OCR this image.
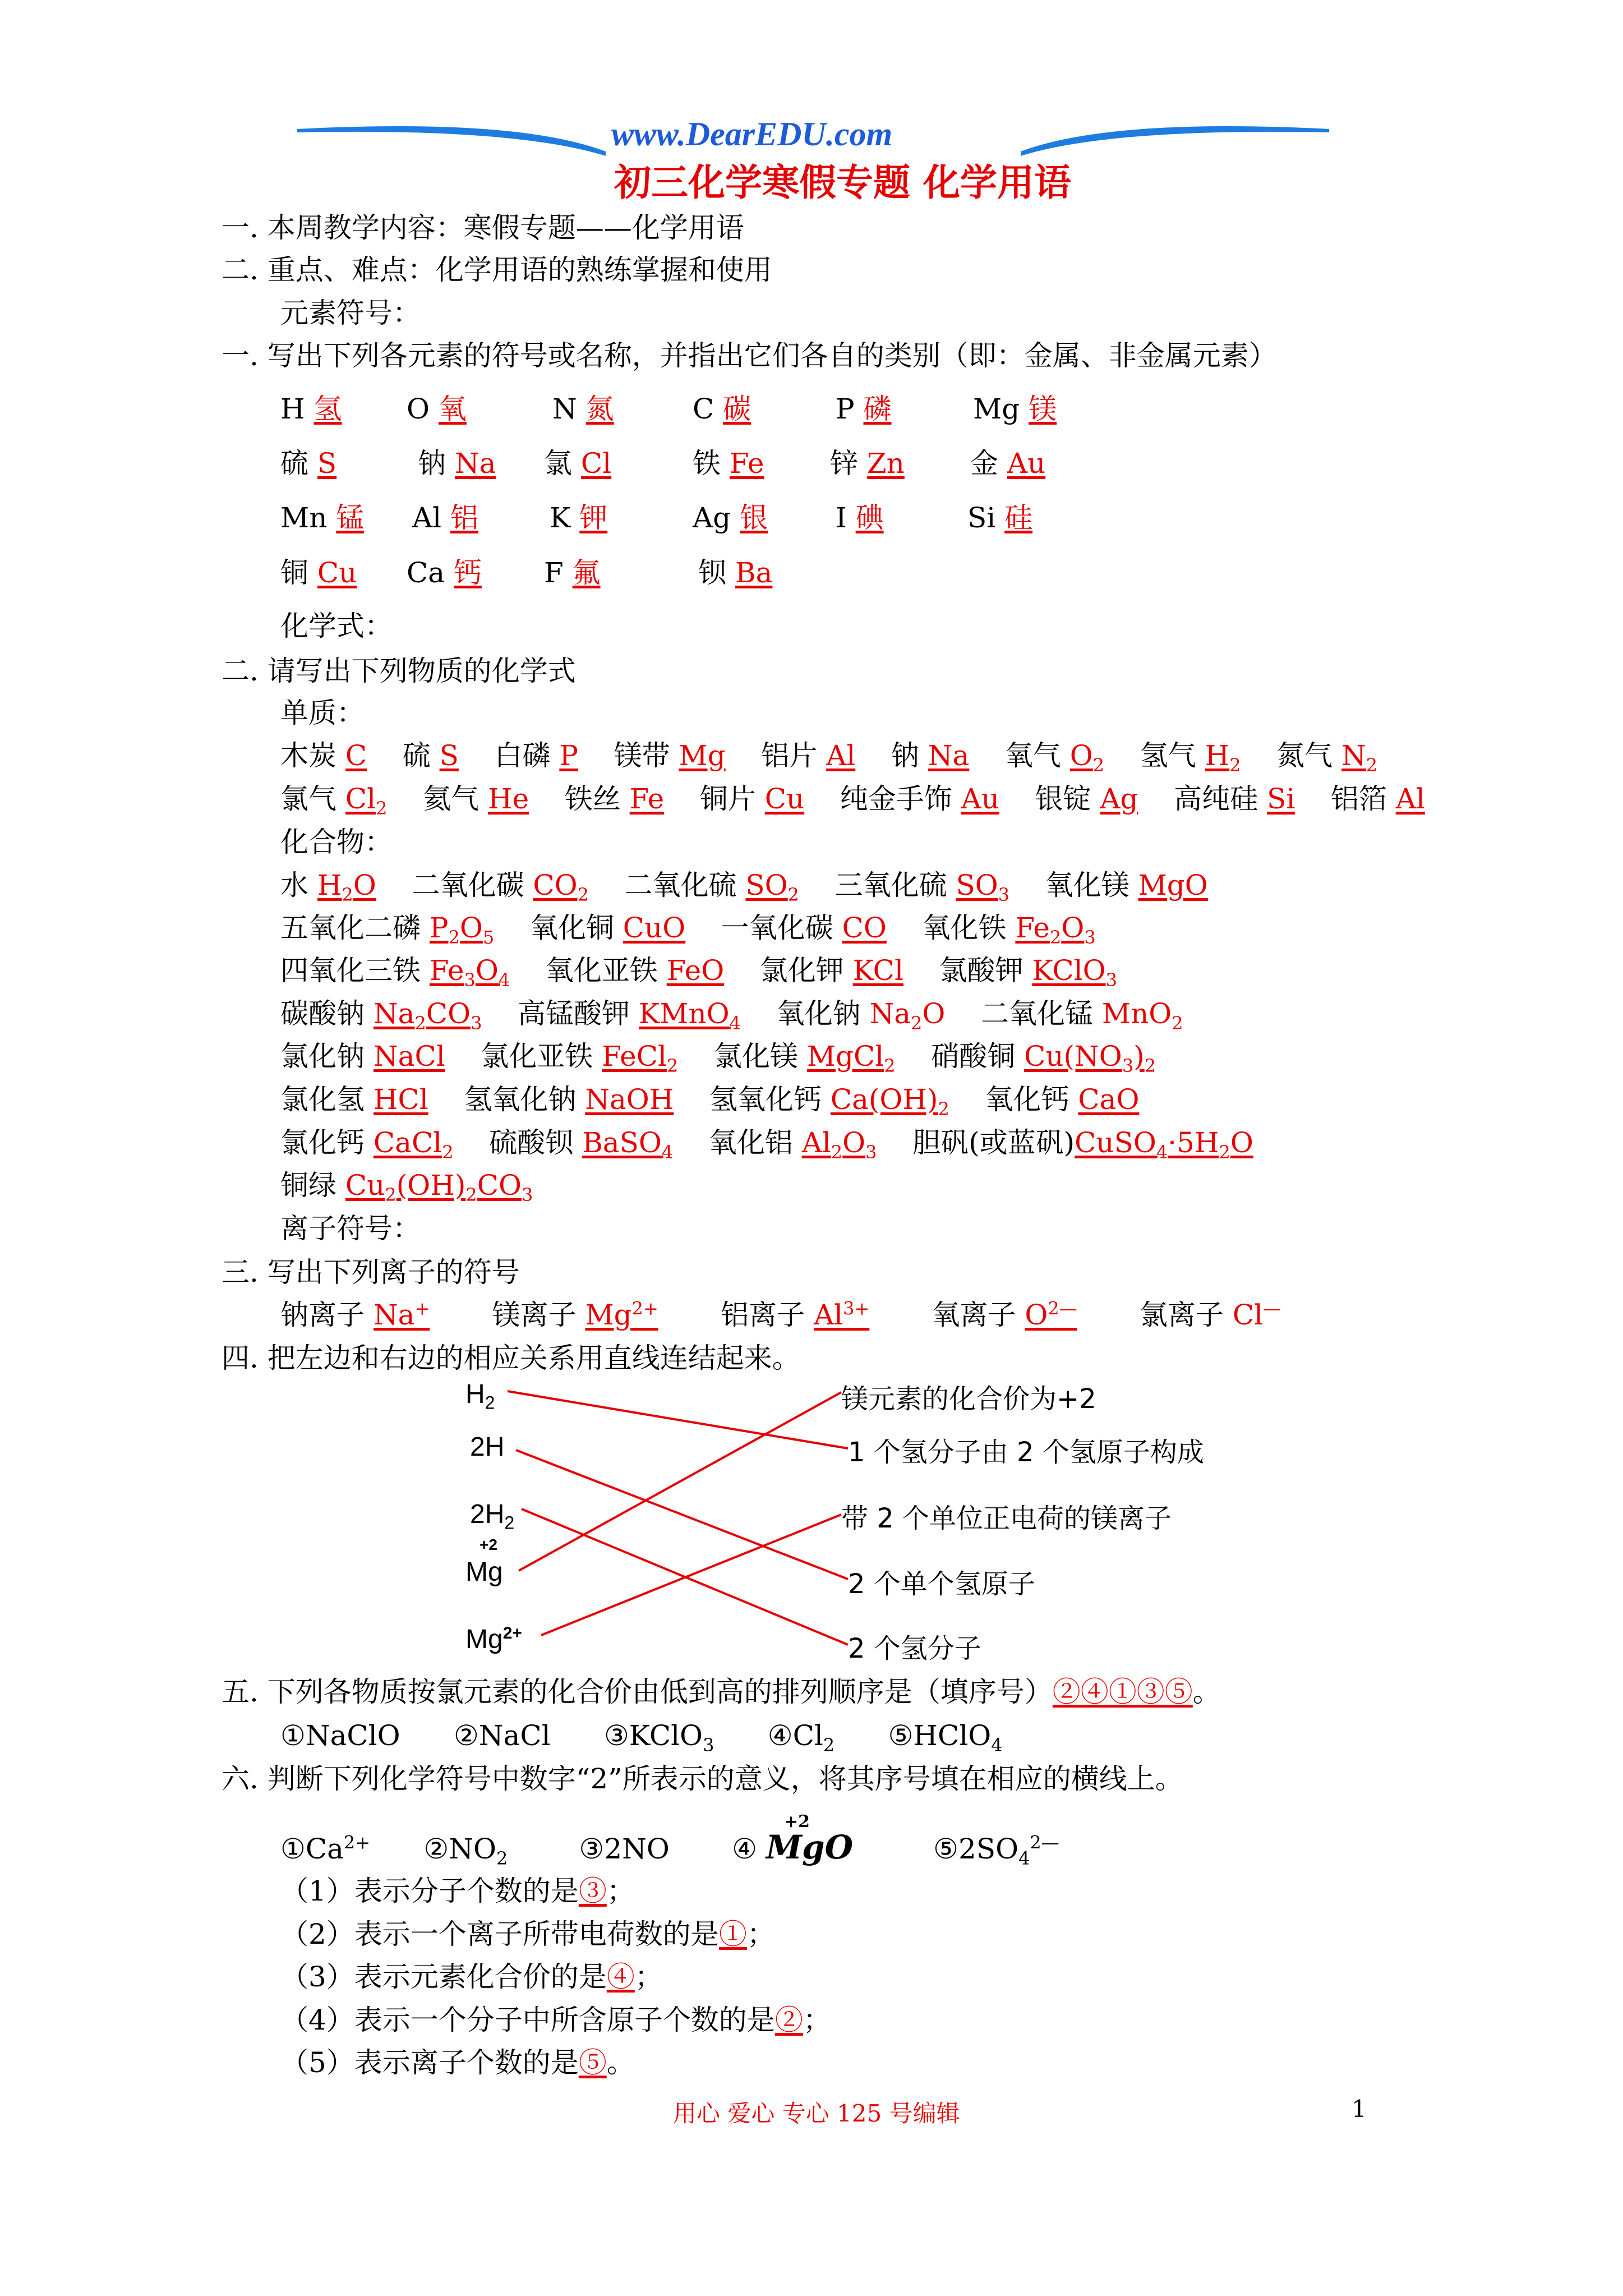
www.DearEDU.com
初三化学寒假专题 化学用语
一. 本周教学内容：寒假专题——化学用语
二. 重点、难点：化学用语的熟练掌握和使用
元素符号：
一. 写出下列各元素的符号或名称，并指出它们各自的类别（即：金属、非金属元素）
H 氢 O 氧	N 氮	C 碳	P 磷	Mg 镁
硫 S	钠 Na 氯 Cl	铁 Fe 锌 Zn 金 Au
Mn 锰 Al 铝	K 钾	Ag 银 I 碘	Si 硅
铜 Cu Ca 钙 F 氟	钡 Ba
化学式：
二. 请写出下列物质的化学式
单质：
木炭 C    硫 S    白磷 P    镁带 Mg    铝片 Al    钠 Na    氧气 $O_2$    氢气 $H_2$    氮气 $N_2$
氯气 $Cl_2$    氦气 He    铁丝 Fe    铜片 Cu    纯金手饰 Au    银锭 Ag    高纯硅 Si    铝箔 Al
化合物：
水 $H_2O$    二氧化碳 $CO_2$    二氧化硫 $SO_2$    三氧化硫 $SO_3$    氧化镁 MgO
五氧化二磷 $P_2O_5$    氧化铜 CuO    一氧化碳 CO    氧化铁 $Fe_2O_3$
四氧化三铁 $Fe_3O_4$    氧化亚铁 FeO    氯化钾 KCl    氯酸钾 KClO$_3$
碳酸钠 $Na_2CO_3$    高锰酸钾 KMnO$_4$    氧化钠 $Na_2O$    二氧化锰 MnO$_2$
氯化钠 NaCl    氯化亚铁 FeCl$_2$    氯化镁 MgCl$_2$    硝酸铜 $Cu(NO_3)_2$
氯化氢 HCl    氢氧化钠 NaOH    氢氧化钙 $Ca(OH)_2$    氧化钙 CaO
氯化钙 CaCl$_2$    硫酸钡 BaSO$_4$    氧化铝 $Al_2O_3$    胆矾(或蓝矾)$CuSO_4\cdot 5H_2O$
铜绿 $Cu_2(OH)_2CO_3$
离子符号：
三. 写出下列离子的符号
钠离子 Na+       镁离子 $Mg^{2+}$       铝离子 $Al^{3+}$       氧离子 $O^{2—}$       氯离子 Cl—
四. 把左边和右边的相应关系用直线连结起来。
$H_2$
2H
$2H_2$
+2
Mg
$Mg^{2+}$
镁元素的化合价为+2
1 个氢分子由 2 个氢原子构成
带 2 个单位正电荷的镁离子
2 个单个氢原子
2 个氢分子
五. 下列各物质按氯元素的化合价由低到高的排列顺序是（填序号）②④①③⑤。
①NaClO      ②NaCl      ③KClO$_3$      $④Cl_2$      ⑤HClO$_4$
六. 判断下列化学符号中数字“2”所表示的意义，将其序号填在相应的横线上。
$①Ca^{2+}$      $②NO_2$        ③2NO       ④ MgO         $⑤2SO_4^{2—}$
+2
（1）表示分子个数的是③；
（2）表示一个离子所带电荷数的是①；
（3）表示元素化合价的是④；
（4）表示一个分子中所含原子个数的是②；
（5）表示离子个数的是⑤。
用心 爱心 专心 125 号编辑	1
